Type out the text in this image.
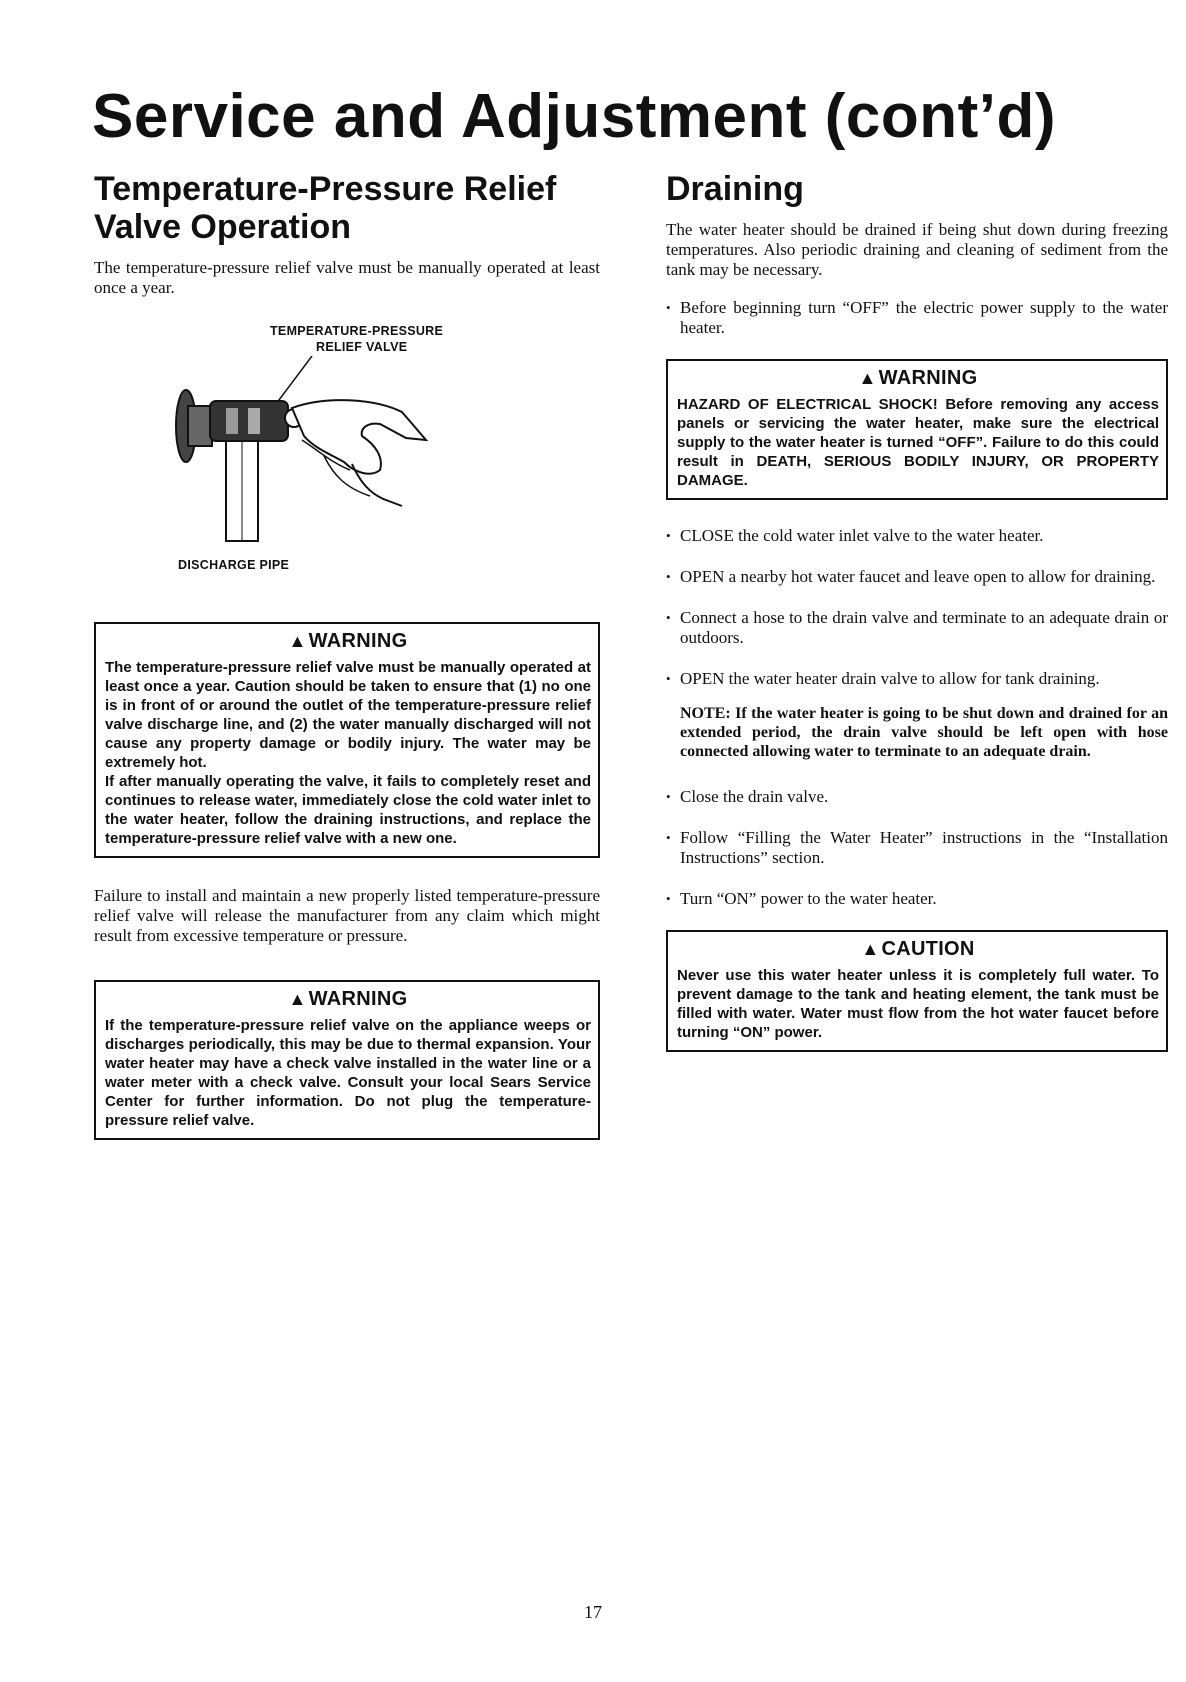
Service and Adjustment (cont’d)
Temperature-Pressure Relief
Valve Operation

The temperature-pressure relief valve must be manually operated at least once a year.

TEMPERATURE-PRESSURE
RELIEF VALVE
DISCHARGE PIPE
▲ WARNING

The temperature-pressure relief valve must be manually operated at least once a year. Caution should be taken to ensure that (1) no one is in front of or around the outlet of the temperature-pressure relief valve discharge line, and (2) the water manually discharged will not cause any property damage or bodily injury. The water may be extremely hot.

If after manually operating the valve, it fails to completely reset and continues to release water, immediately close the cold water inlet to the water heater, follow the draining instructions, and replace the temperature-pressure relief valve with a new one.

Failure to install and maintain a new properly listed temperature-pressure relief valve will release the manufacturer from any claim which might result from excessive temperature or pressure.

▲ WARNING

If the temperature-pressure relief valve on the appliance weeps or discharges periodically, this may be due to thermal expansion. Your water heater may have a check valve installed in the water line or a water meter with a check valve. Consult your local Sears Service Center for further information. Do not plug the temperature-pressure relief valve.

Draining

The water heater should be drained if being shut down during freezing temperatures. Also periodic draining and cleaning of sediment from the tank may be necessary.

• Before beginning turn “OFF” the electric power supply to the water heater.
▲ WARNING

HAZARD OF ELECTRICAL SHOCK! Before removing any access panels or servicing the water heater, make sure the electrical supply to the water heater is turned “OFF”. Failure to do this could result in DEATH, SERIOUS BODILY INJURY, OR PROPERTY DAMAGE.

• CLOSE the cold water inlet valve to the water heater.
• OPEN a nearby hot water faucet and leave open to allow for draining.
• Connect a hose to the drain valve and terminate to an adequate drain or outdoors.
• OPEN the water heater drain valve to allow for tank draining.

NOTE: If the water heater is going to be shut down and drained for an extended period, the drain valve should be left open with hose connected allowing water to terminate to an adequate drain.

• Close the drain valve.
• Follow “Filling the Water Heater” instructions in the “Installation Instructions” section.
• Turn “ON” power to the water heater.
▲ CAUTION

Never use this water heater unless it is completely full water. To prevent damage to the tank and heating element, the tank must be filled with water. Water must flow from the hot water faucet before turning “ON” power.

17
